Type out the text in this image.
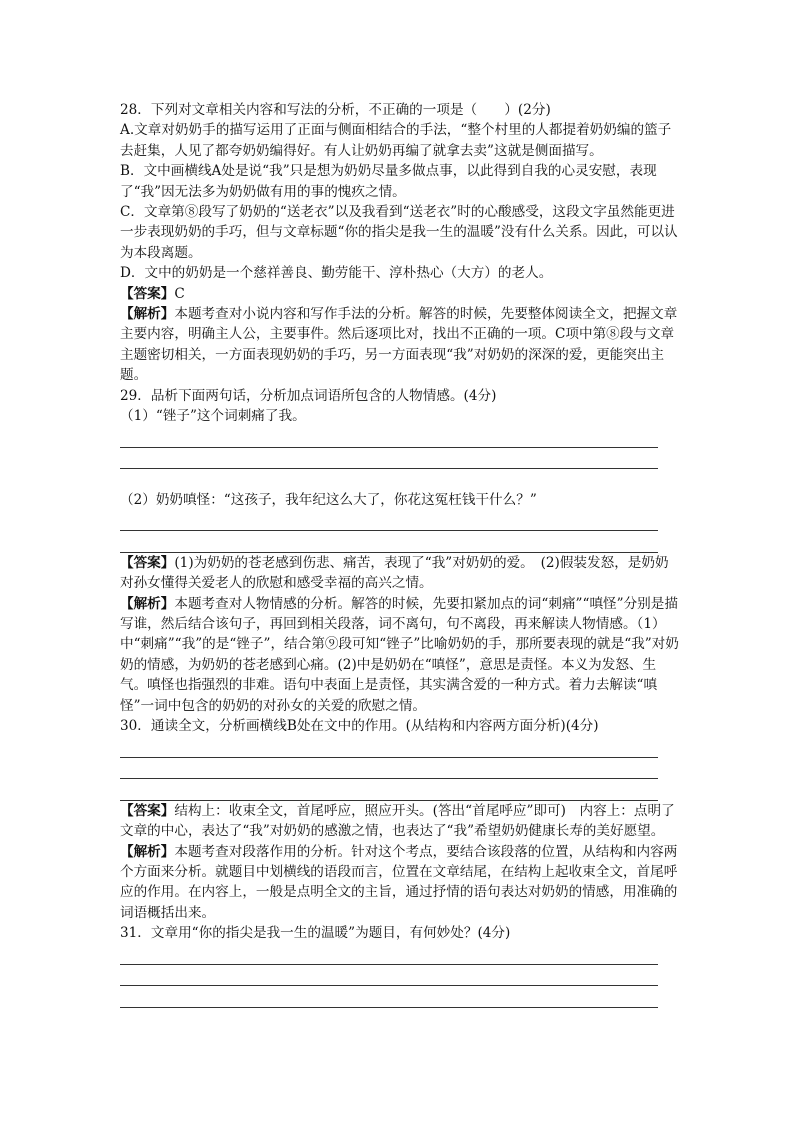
28．下列对文章相关内容和写法的分析，不正确的一项是（　　）(2分)

A.文章对奶奶手的描写运用了正面与侧面相结合的手法，“整个村里的人都提着奶奶编的篮子去赶集，人见了都夸奶奶编得好。有人让奶奶再编了就拿去卖”这就是侧面描写。

B．文中画横线A处是说“我”只是想为奶奶尽量多做点事，以此得到自我的心灵安慰，表现了“我”因无法多为奶奶做有用的事的愧疚之情。

C．文章第⑧段写了奶奶的“送老衣”以及我看到“送老衣”时的心酸感受，这段文字虽然能更进一步表现奶奶的手巧，但与文章标题“你的指尖是我一生的温暖”没有什么关系。因此，可以认为本段离题。

D．文中的奶奶是一个慈祥善良、勤劳能干、淳朴热心（大方）的老人。

【答案】C

【解析】本题考查对小说内容和写作手法的分析。解答的时候，先要整体阅读全文，把握文章主要内容，明确主人公，主要事件。然后逐项比对，找出不正确的一项。C项中第⑧段与文章主题密切相关，一方面表现奶奶的手巧，另一方面表现“我”对奶奶的深深的爱，更能突出主题。

29．品析下面两句话，分析加点词语所包含的人物情感。(4分)

（1）“锉子”这个词刺痛了我。

（2）奶奶嗔怪：“这孩子，我年纪这么大了，你花这冤枉钱干什么？”

【答案】(1)为奶奶的苍老感到伤悲、痛苦，表现了“我”对奶奶的爱。　(2)假装发怒，是奶奶对孙女懂得关爱老人的欣慰和感受幸福的高兴之情。

【解析】本题考查对人物情感的分析。解答的时候，先要扣紧加点的词“刺痛”“嗔怪”分别是描写谁，然后结合该句子，再回到相关段落，词不离句，句不离段，再来解读人物情感。（1）中“刺痛”“我”的是“锉子”，结合第⑨段可知“锉子”比喻奶奶的手，那所要表现的就是“我”对奶奶的情感，为奶奶的苍老感到心痛。(2)中是奶奶在“嗔怪”，意思是责怪。本义为发怒、生气。嗔怪也指强烈的非难。语句中表面上是责怪，其实满含爱的一种方式。着力去解读“嗔怪”一词中包含的奶奶的对孙女的关爱的欣慰之情。

30．通读全文，分析画横线B处在文中的作用。(从结构和内容两方面分析)(4分)

【答案】结构上：收束全文，首尾呼应，照应开头。(答出“首尾呼应”即可)　内容上：点明了文章的中心，表达了“我”对奶奶的感激之情，也表达了“我”希望奶奶健康长寿的美好愿望。

【解析】本题考查对段落作用的分析。针对这个考点，要结合该段落的位置，从结构和内容两个方面来分析。就题目中划横线的语段而言，位置在文章结尾，在结构上起收束全文，首尾呼应的作用。在内容上，一般是点明全文的主旨，通过抒情的语句表达对奶奶的情感，用准确的词语概括出来。

31．文章用“你的指尖是我一生的温暖”为题目，有何妙处？(4分)
